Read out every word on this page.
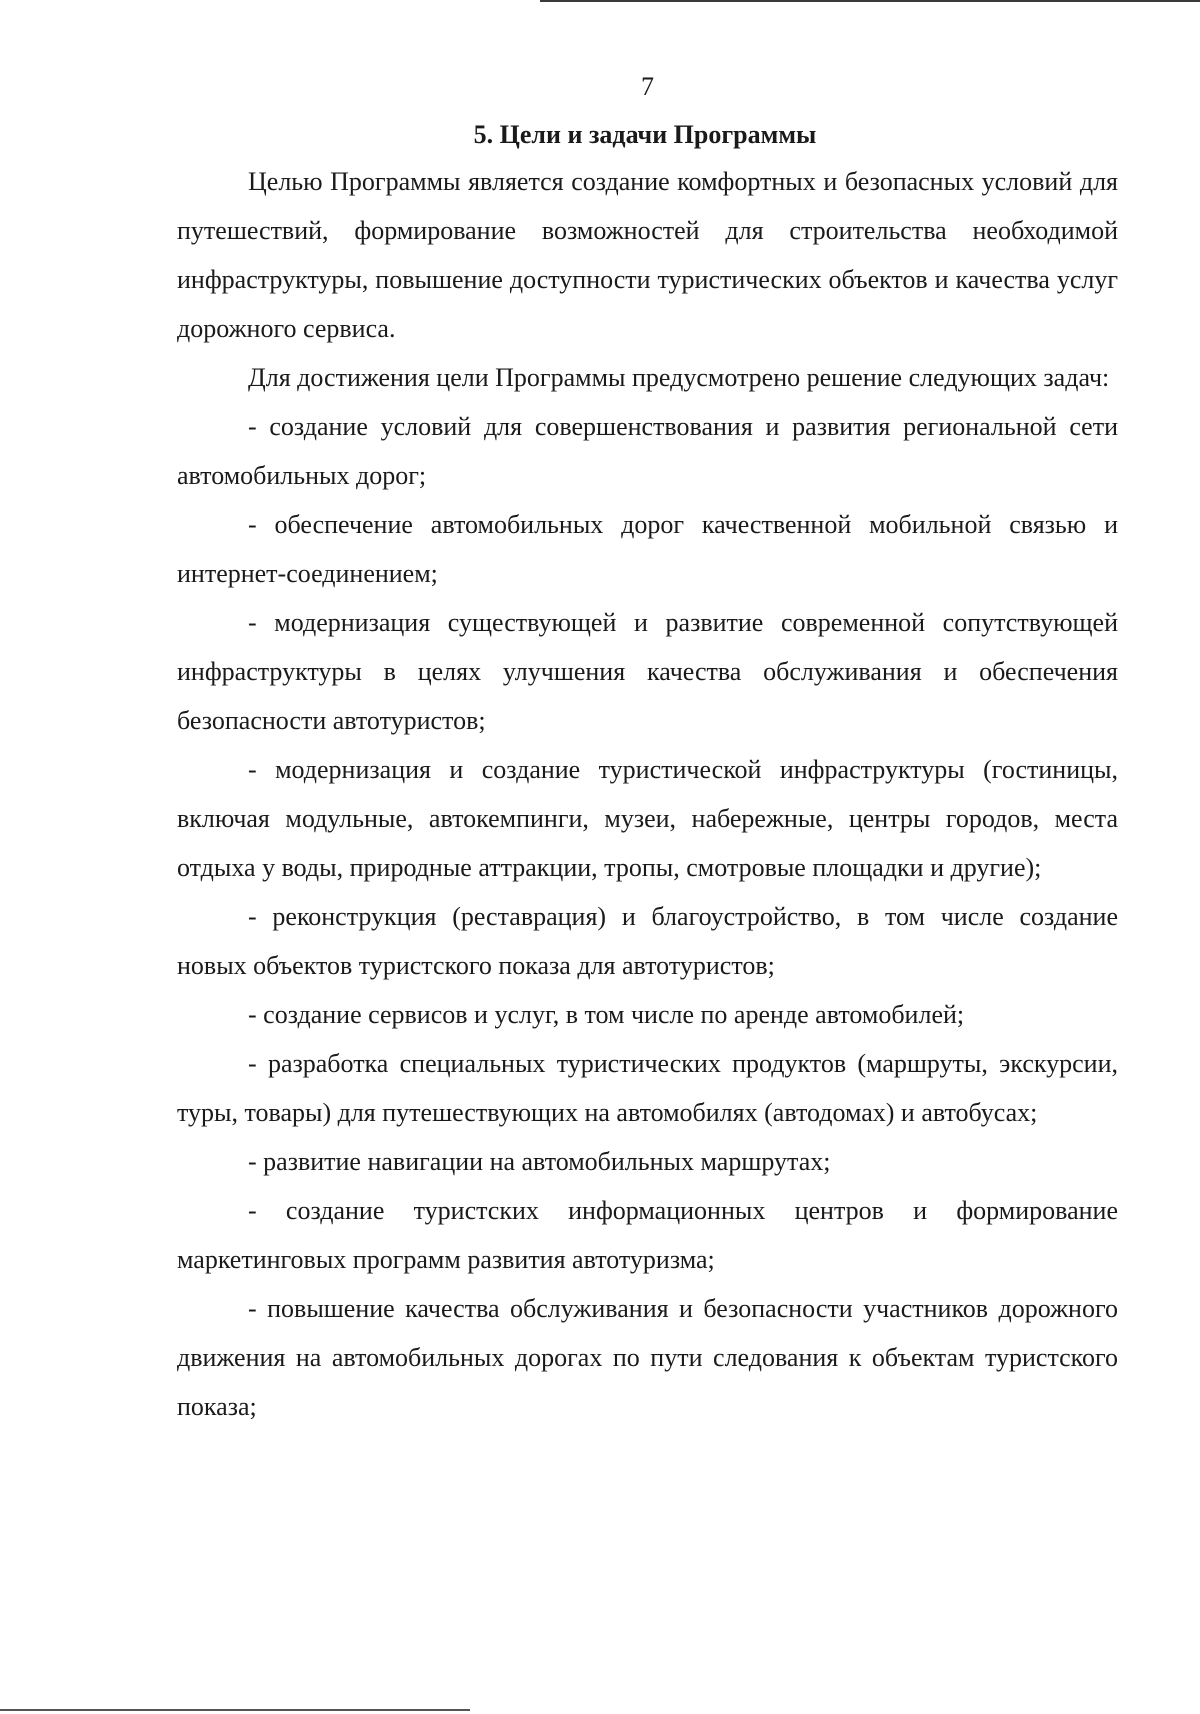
7
5. Цели и задачи Программы

Целью Программы является создание комфортных и безопасных условий для путешествий, формирование возможностей для строительства необходимой инфраструктуры, повышение доступности туристических объектов и качества услуг дорожного сервиса.

Для достижения цели Программы предусмотрено решение следующих задач:

- создание условий для совершенствования и развития региональной сети автомобильных дорог;

- обеспечение автомобильных дорог качественной мобильной связью и интернет-соединением;

- модернизация существующей и развитие современной сопутствующей инфраструктуры в целях улучшения качества обслуживания и обеспечения безопасности автотуристов;

- модернизация и создание туристической инфраструктуры (гостиницы, включая модульные, автокемпинги, музеи, набережные, центры городов, места отдыха у воды, природные аттракции, тропы, смотровые площадки и другие);

- реконструкция (реставрация) и благоустройство, в том числе создание новых объектов туристского показа для автотуристов;

- создание сервисов и услуг, в том числе по аренде автомобилей;

- разработка специальных туристических продуктов (маршруты, экскурсии, туры, товары) для путешествующих на автомобилях (автодомах) и автобусах;

- развитие навигации на автомобильных маршрутах;

- создание туристских информационных центров и формирование маркетинговых программ развития автотуризма;

- повышение качества обслуживания и безопасности участников дорожного движения на автомобильных дорогах по пути следования к объектам туристского показа;
